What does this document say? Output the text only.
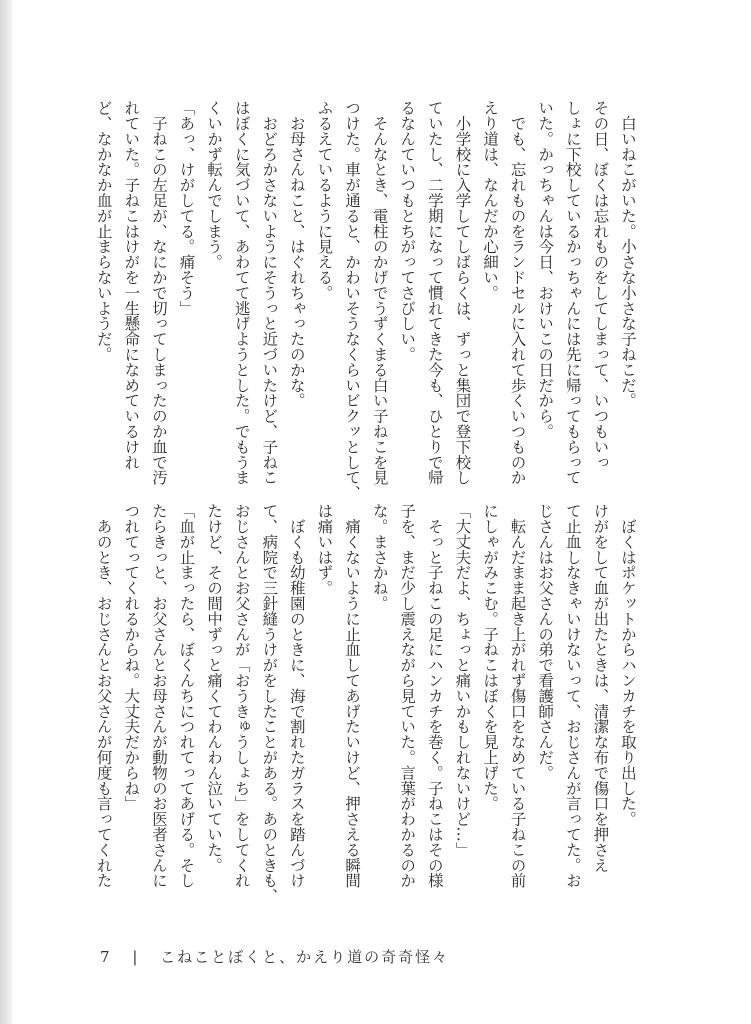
　白いねこがいた。小さな小さな子ねこだ。
その日、ぼくは忘れものをしてしまって、いつもいっ
しょに下校しているかっちゃんには先に帰ってもらって
いた。かっちゃんは今日、おけいこの日だから。
　でも、忘れものをランドセルに入れて歩くいつものか
えり道は、なんだか心細い。
　小学校に入学してしばらくは、ずっと集団で登下校し
ていたし、二学期になって慣れてきた今も、ひとりで帰
るなんていつもとちがってさびしい。
　そんなとき、電柱のかげでうずくまる白い子ねこを見
つけた。車が通ると、かわいそうなくらいビクッとして、
ふるえているように見える。
　お母さんねこと、はぐれちゃったのかな。
　おどろかさないようにそうっと近づいたけど、子ねこ
はぼくに気づいて、あわてて逃げようとした。でもうま
くいかず転んでしまう。
「あっ、けがしてる。痛そう」
　子ねこの左足が、なにかで切ってしまったのか血で汚
れていた。子ねこはけがを一生懸命になめているけれ
ど、なかなか血が止まらないようだ。
　ぼくはポケットからハンカチを取り出した。
けがをして血が出たときは、清潔な布で傷口を押さえ
て止血しなきゃいけないって、おじさんが言ってた。お
じさんはお父さんの弟で看護師さんだ。
　転んだまま起き上がれず傷口をなめている子ねこの前
にしゃがみこむ。子ねこはぼくを見上げた。
「大丈夫だよ、ちょっと痛いかもしれないけど…」
　そっと子ねこの足にハンカチを巻く。子ねこはその様
子を、まだ少し震えながら見ていた。言葉がわかるのか
な。まさかね。
　痛くないように止血してあげたいけど、押さえる瞬間
は痛いはず。
　ぼくも幼稚園のときに、海で割れたガラスを踏んづけ
て、病院で三針縫うけがをしたことがある。あのときも、
おじさんとお父さんが「おうきゅうしょち」をしてくれ
たけど、その間中ずっと痛くてわんわん泣いていた。
「血が止まったら、ぼくんちにつれてってあげる。そし
たらきっと、お父さんとお母さんが動物のお医者さんに
つれてってくれるからね。大丈夫だからね」
　あのとき、おじさんとお父さんが何度も言ってくれた
7 | こねことぼくと、かえり道の奇奇怪々
